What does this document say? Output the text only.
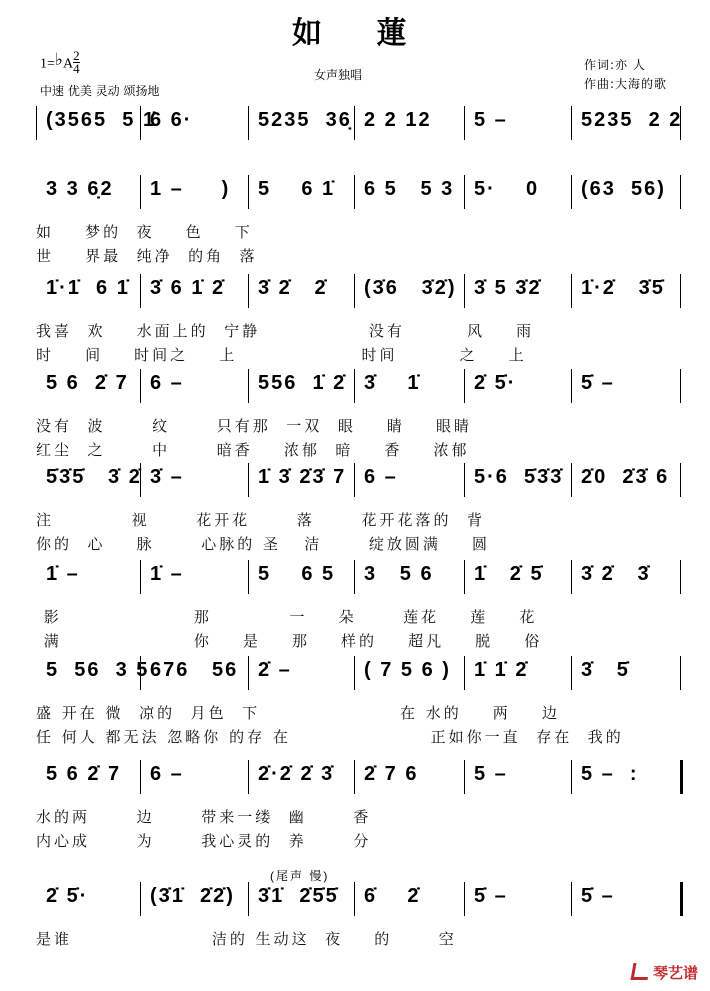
如 蓮
1=♭A $\frac{2}{4}$
中速 优美 灵动 颂扬地
女声独唱
作词:亦 人
作曲:大海的歌
(3565  5 1̇
6 6·	5235  36̣ 2 2 12 5 –	5235  2 2
3 3 6̣2 1 –     ) 5    6 1̇ 6 5   5 3 5·    0 (63  56)
如    梦的  夜    色    下
世    界最  纯净  的角  落
1̇·1̇  6 1̇ 3̇ 6 1̇ 2̇ 3̇ 2̇   2̇ (3̇6   3̇2̇) 3̇ 5 3̇2̇ 1̇·2̇   3̇5̇
我喜  欢    水面上的  宁静              没有        风    雨
时    间    时间之    上                时间        之    上
5 6  2̇ 7 6 –	556  1̇ 2̇ 3̇    1̇	2̇ 5̇·	5̇ –
没有  波      纹      只有那  一双  眼    睛    眼睛
红尘  之      中      暗香    浓郁  暗    香    浓郁
5̇3̇5̇   3̇ 2̇ 3̇ –	1̇ 3̇ 2̇3̇ 7 6 –	5·6  5̇3̇3̇ 2̇0  2̇3̇ 6
注          视      花开花      落      花开花落的  背
你的  心    脉      心脉的 圣   洁      绽放圆满    圆
1̇ –	1̇ –	5    6 5 3   5 6 1̇   2̇ 5̇ 3̇ 2̇   3̇
影                 那          一    朵      莲花    莲    花
满                 你    是    那    样的    超凡    脱    俗
5  56  3 5 676   56 2̇ –	( 7 5 6 ) 1̇ 1̇ 2̇	3̇   5̇
盛 开在 微  凉的  月色  下                  在 水的    两    边
任 何人 都无法 忽略你 的存 在                  正如你一直  存在  我的
5 6 2̇ 7 6 –	2̇·2̇ 2̇ 3̇ 2̇ 7 6	5 –	5 –  :
水的两      边      带来一缕  幽      香
内心成      为      我心灵的  养      分
2̇ 5̇·	(3̇1̇  2̇2̇) 3̇1̇  2̇5̇5̇ 6̇    2̇	5̇ –	5̇ –
(尾声 慢)
是谁                  洁的 生动这  夜    的      空
琴艺谱
